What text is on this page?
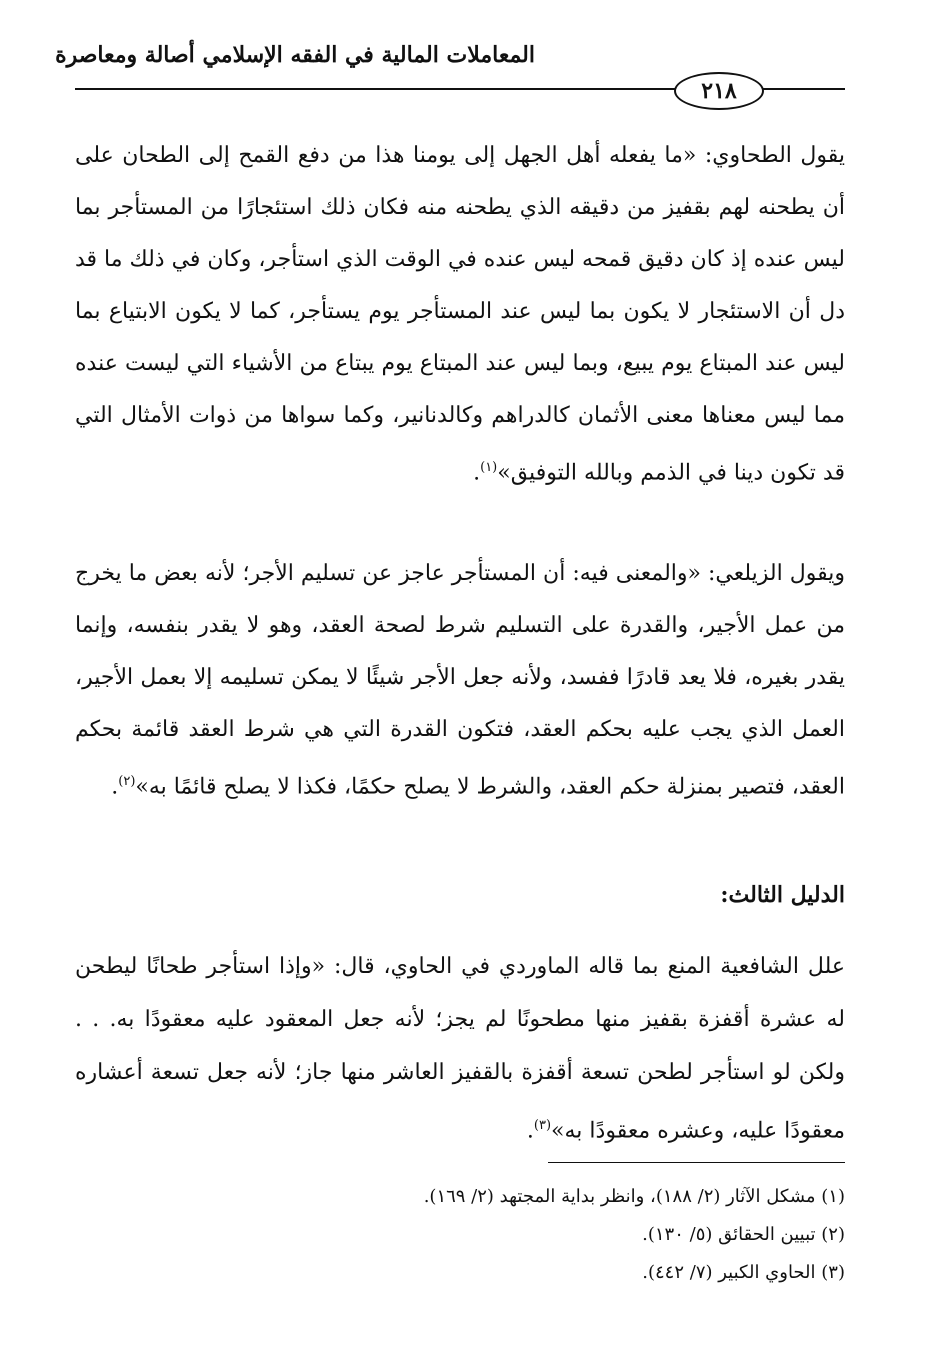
المعاملات المالية في الفقه الإسلامي أصالة ومعاصرة
٢١٨

يقول الطحاوي: «ما يفعله أهل الجهل إلى يومنا هذا من دفع القمح إلى الطحان على أن يطحنه لهم بقفيز من دقيقه الذي يطحنه منه فكان ذلك استئجارًا من المستأجر بما ليس عنده إذ كان دقيق قمحه ليس عنده في الوقت الذي استأجر، وكان في ذلك ما قد دل أن الاستئجار لا يكون بما ليس عند المستأجر يوم يستأجر، كما لا يكون الابتياع بما ليس عند المبتاع يوم يبيع، وبما ليس عند المبتاع يوم يبتاع من الأشياء التي ليست عنده مما ليس معناها معنى الأثمان كالدراهم وكالدنانير، وكما سواها من ذوات الأمثال التي قد تكون دينا في الذمم وبالله التوفيق»$^{(١)}$.

ويقول الزيلعي: «والمعنى فيه: أن المستأجر عاجز عن تسليم الأجر؛ لأنه بعض ما يخرج من عمل الأجير، والقدرة على التسليم شرط لصحة العقد، وهو لا يقدر بنفسه، وإنما يقدر بغيره، فلا يعد قادرًا ففسد، ولأنه جعل الأجر شيئًا لا يمكن تسليمه إلا بعمل الأجير، العمل الذي يجب عليه بحكم العقد، فتكون القدرة التي هي شرط العقد قائمة بحكم العقد، فتصير بمنزلة حكم العقد، والشرط لا يصلح حكمًا، فكذا لا يصلح قائمًا به»$^{(٢)}$.

الدليل الثالث:

علل الشافعية المنع بما قاله الماوردي في الحاوي، قال: «وإذا استأجر طحانًا ليطحن له عشرة أقفزة بقفيز منها مطحونًا لم يجز؛ لأنه جعل المعقود عليه معقودًا به. . . ولكن لو استأجر لطحن تسعة أقفزة بالقفيز العاشر منها جاز؛ لأنه جعل تسعة أعشاره معقودًا عليه، وعشره معقودًا به»$^{(٣)}$.

(١) مشكل الآثار (٢/ ١٨٨)، وانظر بداية المجتهد (٢/ ١٦٩).

(٢) تبيين الحقائق (٥/ ١٣٠).

(٣) الحاوي الكبير (٧/ ٤٤٢).
